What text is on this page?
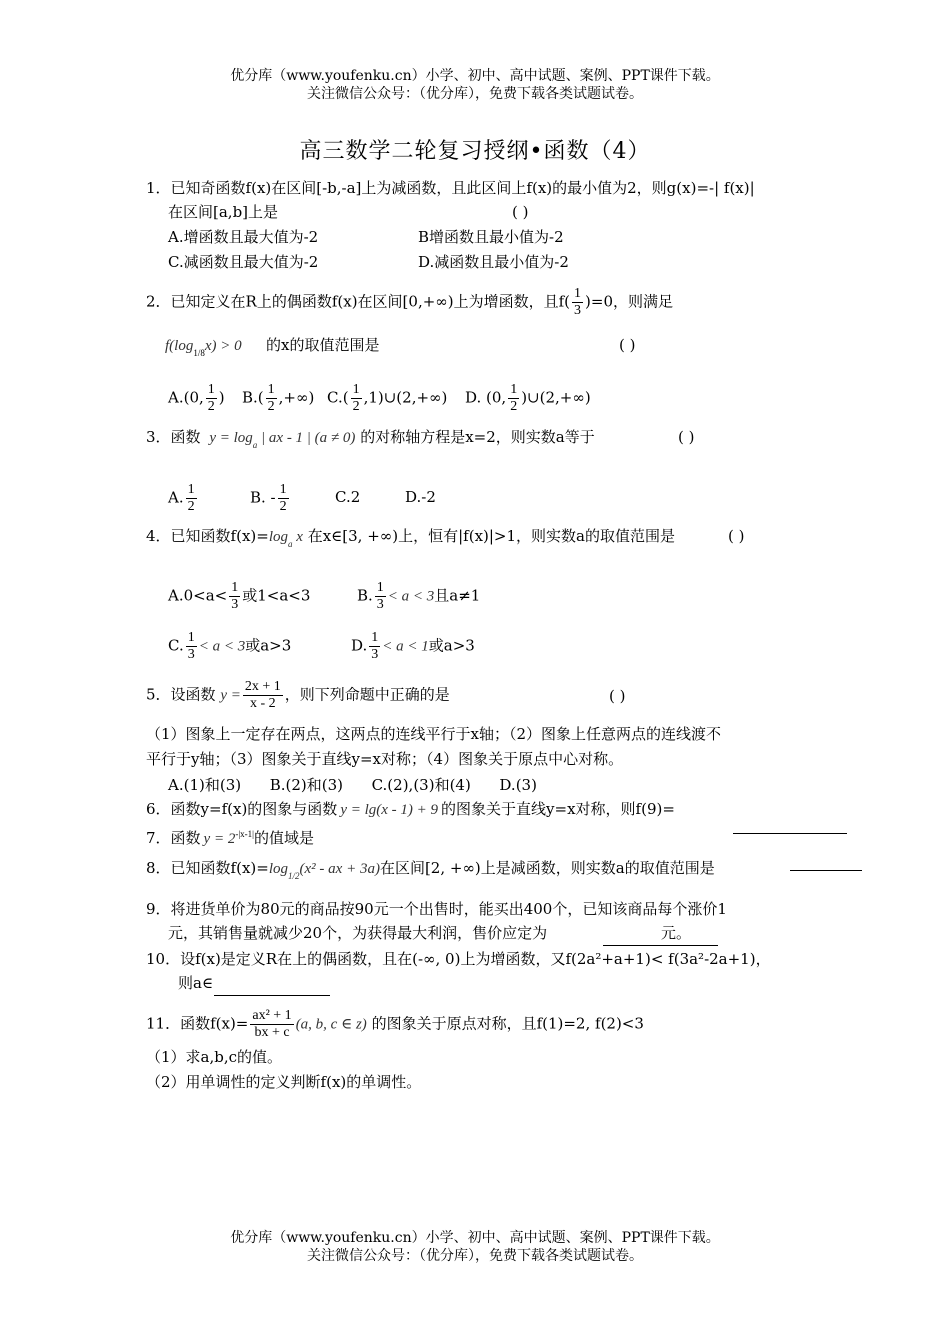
优分库（www.youfenku.cn）小学、初中、高中试题、案例、PPT课件下载。
关注微信公众号：（优分库），免费下载各类试题试卷。
高三数学二轮复习授纲•函数（4）
1．已知奇函数f(x)在区间[-b,-a]上为减函数，且此区间上f(x)的最小值为2，则g(x)=-| f(x)|
在区间[a,b]上是	( )
A.增函数且最大值为-2	B增函数且最小值为-2
C.减函数且最大值为-2	D.减函数且最小值为-2
2．已知定义在R上的偶函数f(x)在区间[0,+∞)上为增函数，且$f( \frac{1}{3} )=0$，则满足
$f(\log_{1/8}x) > 0$ 的x的取值范围是	( )
A.(0, $\frac{1}{2}$ ) $B.( \frac{1}{2}$ ,+∞) $C.( \frac{1}{2}$ ,1)∪(2,+∞) D. (0, $\frac{1}{2}$ )∪(2,+∞)
3．函数 $y = \log_a$ | ax - 1 | (a ≠ 0) 的对称轴方程是x=2，则实数a等于	( )
A. $\frac{1}{2}$	B. - $\frac{1}{2}$	C.2	D.-2
4．已知函数$f(x)=\log_a$ x 在x∈[3, +∞)上，恒有|f(x)|>1，则实数a的取值范围是	( )
$A.0<a< \frac{1}{3}$ 或1<a<3	B. $\frac{1}{3} < a < 3$且a≠1
C. $\frac{1}{3} < a < 3$或a>3	D. $\frac{1}{3} < a < 1$或a>3
5．设函数 $y = \frac{2x + 1}{x - 2}$ ，则下列命题中正确的是	( )
（1）图象上一定存在两点，这两点的连线平行于x轴；（2）图象上任意两点的连线渡不
平行于y轴；（3）图象关于直线y=x对称；（4）图象关于原点中心对称。
A.(1)和(3)      B.(2)和(3)      C.(2),(3)和(4)      D.(3)
6．函数y=f(x)的图象与函数 y = lg(x - 1) + 9 的图象关于直线y=x对称，则f(9)=
7．函数 $y = 2^{-|x-1|}$的值域是
8．已知函数$f(x)=\log_{1/2}(x^2$ - ax + 3a)在区间[2, +∞)上是减函数，则实数a的取值范围是
9．将进货单价为80元的商品按90元一个出售时，能买出400个，已知该商品每个涨价1
元，其销售量就减少20个，为获得最大利润，售价应定为	元。
10．设f(x)是定义R在上的偶函数，且在(-∞, 0)上为增函数，又f(2a²+a+1)< f(3a²-2a+1)，
则a∈
11．函数$f(x)= \frac{\text{ax² + 1}}{bx + c} (a$, b, c ∈ z) 的图象关于原点对称，且f(1)=2, f(2)<3
（1）求a,b,c的值。
（2）用单调性的定义判断f(x)的单调性。
优分库（www.youfenku.cn）小学、初中、高中试题、案例、PPT课件下载。
关注微信公众号：（优分库），免费下载各类试题试卷。
